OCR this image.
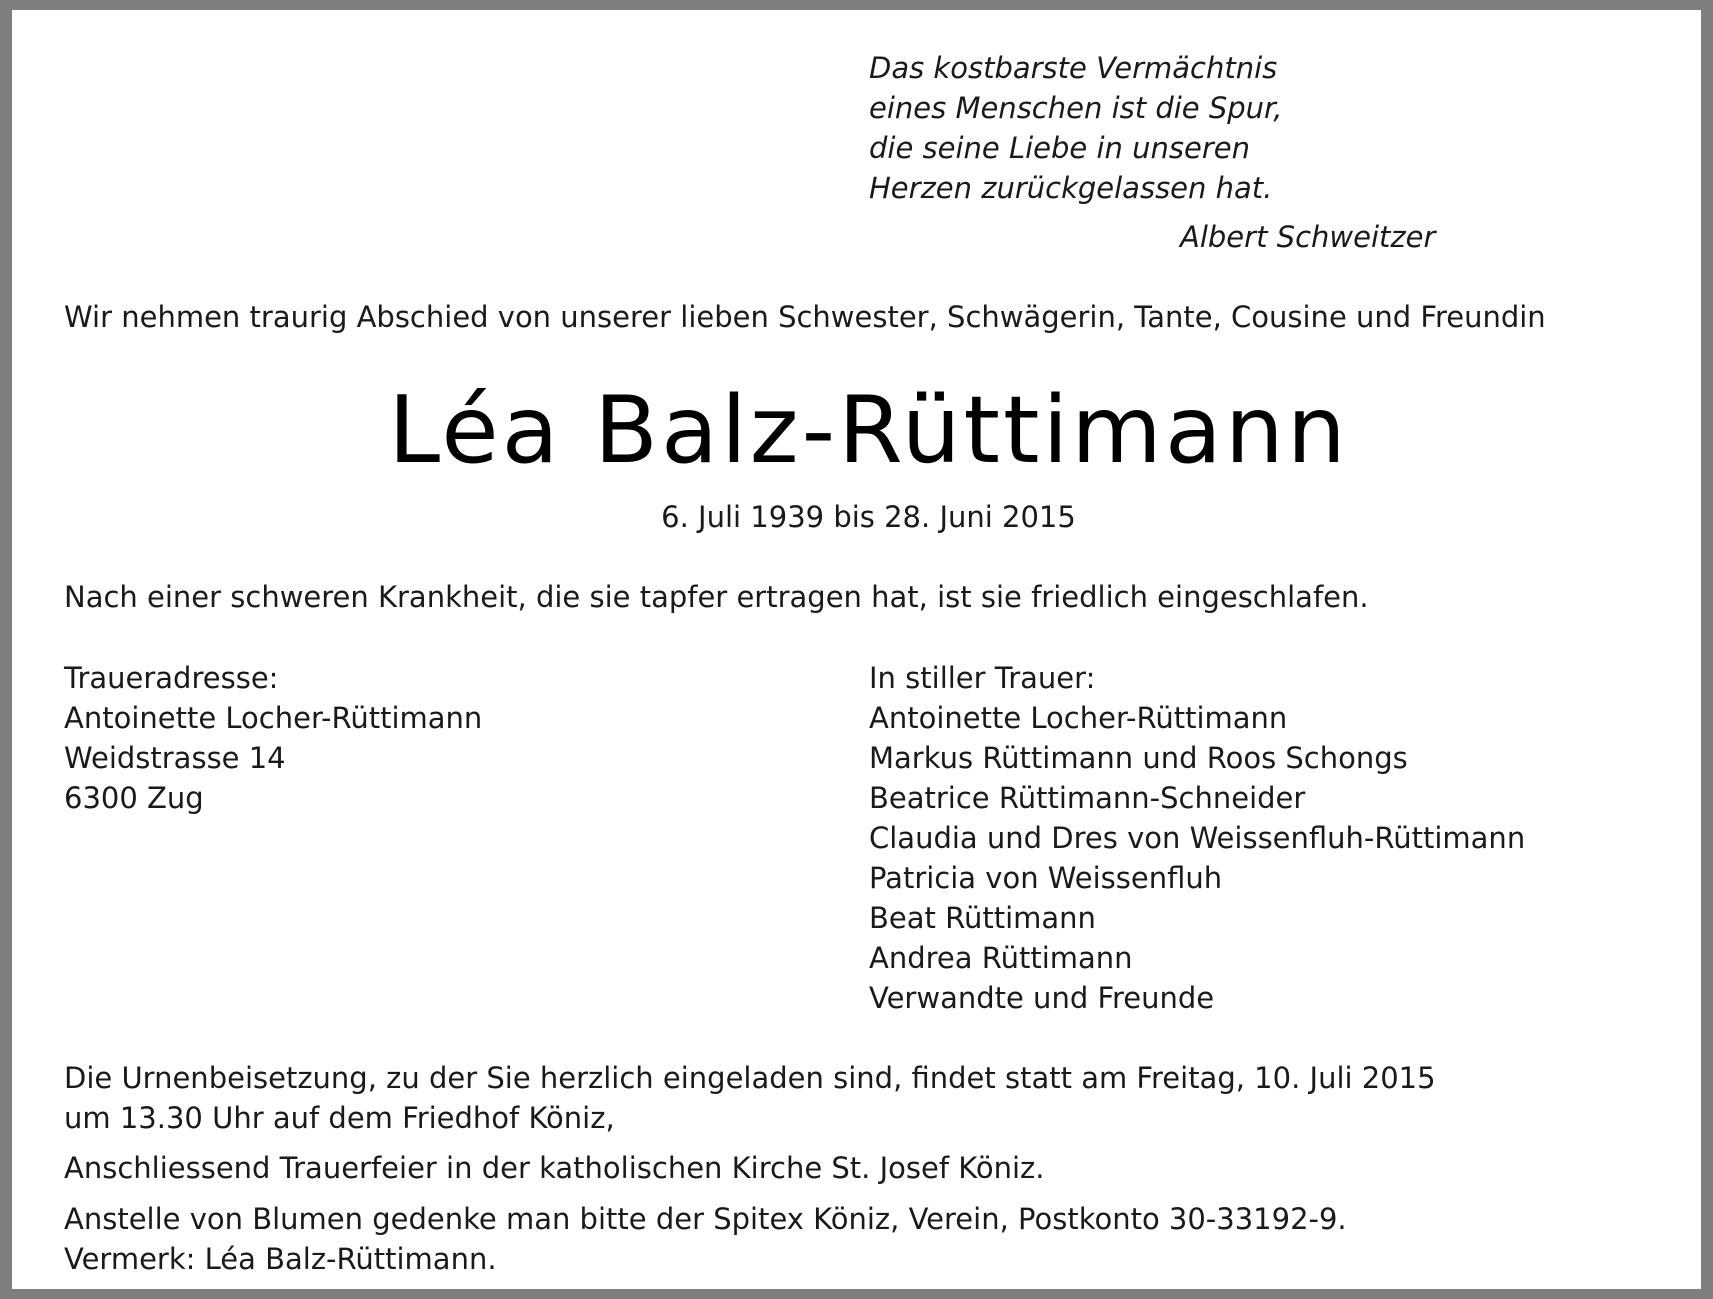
Das kostbarste Vermächtnis
eines Menschen ist die Spur,
die seine Liebe in unseren
Herzen zurückgelassen hat.
Albert Schweitzer
Wir nehmen traurig Abschied von unserer lieben Schwester, Schwägerin, Tante, Cousine und Freundin
Léa Balz-Rüttimann
6. Juli 1939 bis 28. Juni 2015
Nach einer schweren Krankheit, die sie tapfer ertragen hat, ist sie friedlich eingeschlafen.
Traueradresse:
Antoinette Locher-Rüttimann
Weidstrasse 14
6300 Zug
In stiller Trauer:
Antoinette Locher-Rüttimann
Markus Rüttimann und Roos Schongs
Beatrice Rüttimann-Schneider
Claudia und Dres von Weissenfluh-Rüttimann
Patricia von Weissenfluh
Beat Rüttimann
Andrea Rüttimann
Verwandte und Freunde
Die Urnenbeisetzung, zu der Sie herzlich eingeladen sind, findet statt am Freitag, 10. Juli 2015
um 13.30 Uhr auf dem Friedhof Köniz,
Anschliessend Trauerfeier in der katholischen Kirche St. Josef Köniz.
Anstelle von Blumen gedenke man bitte der Spitex Köniz, Verein, Postkonto 30-33192-9.
Vermerk: Léa Balz-Rüttimann.
